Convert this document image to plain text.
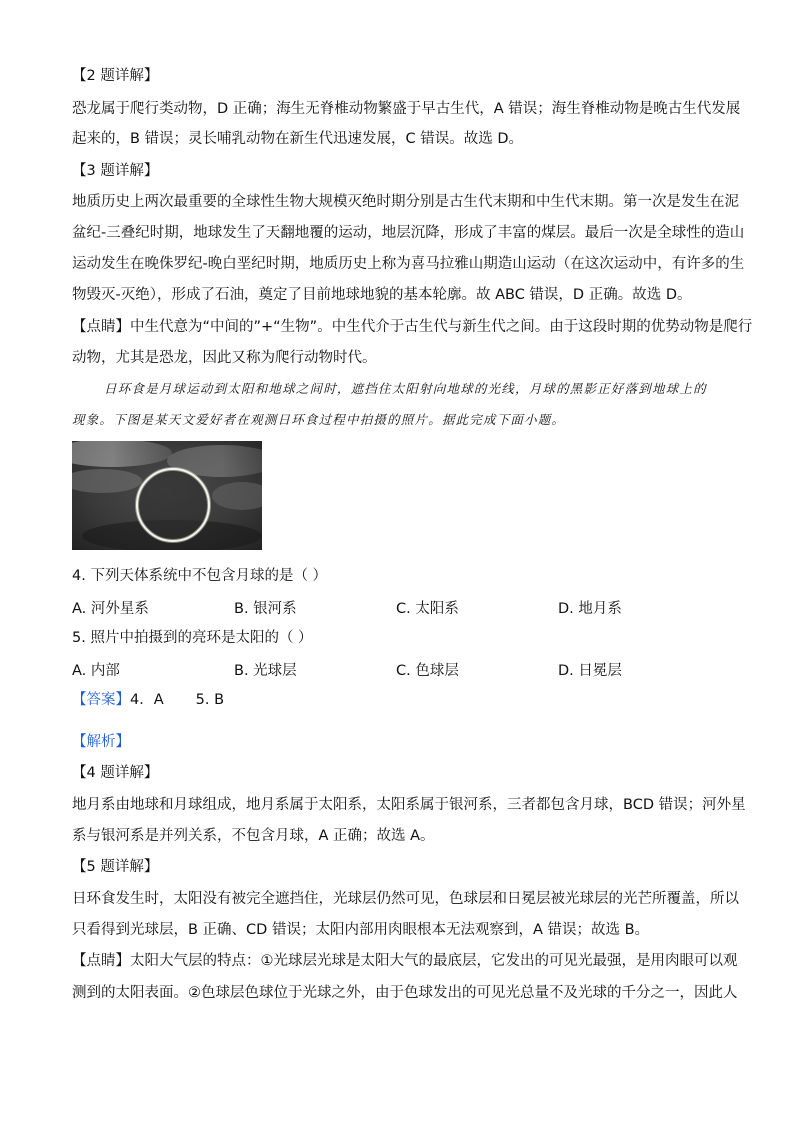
【2 题详解】
恐龙属于爬行类动物，D 正确；海生无脊椎动物繁盛于早古生代，A 错误；海生脊椎动物是晚古生代发展
起来的，B 错误；灵长哺乳动物在新生代迅速发展，C 错误。故选 D。
【3 题详解】
地质历史上两次最重要的全球性生物大规模灭绝时期分别是古生代末期和中生代末期。第一次是发生在泥
盆纪-三叠纪时期，地球发生了天翻地覆的运动，地层沉降，形成了丰富的煤层。最后一次是全球性的造山
运动发生在晚侏罗纪-晚白垩纪时期，地质历史上称为喜马拉雅山期造山运动（在这次运动中，有许多的生
物毁灭-灭绝），形成了石油，奠定了目前地球地貌的基本轮廓。故 ABC 错误，D 正确。故选 D。
【点睛】中生代意为“中间的”+“生物”。中生代介于古生代与新生代之间。由于这段时期的优势动物是爬行
动物，尤其是恐龙，因此又称为爬行动物时代。
日环食是月球运动到太阳和地球之间时，遮挡住太阳射向地球的光线，月球的黑影正好落到地球上的
现象。下图是某天文爱好者在观测日环食过程中拍摄的照片。据此完成下面小题。
4. 下列天体系统中不包含月球的是（ ）
A. 河外星系	B. 银河系	C. 太阳系	D. 地月系
5. 照片中拍摄到的亮环是太阳的（ ）
A. 内部	B. 光球层	C. 色球层	D. 日冕层
【答案】4．A 5. B
【解析】
【4 题详解】
地月系由地球和月球组成，地月系属于太阳系，太阳系属于银河系，三者都包含月球，BCD 错误；河外星
系与银河系是并列关系，不包含月球，A 正确；故选 A。
【5 题详解】
日环食发生时，太阳没有被完全遮挡住，光球层仍然可见，色球层和日冕层被光球层的光芒所覆盖，所以
只看得到光球层，B 正确、CD 错误；太阳内部用肉眼根本无法观察到，A 错误；故选 B。
【点睛】太阳大气层的特点：①光球层光球是太阳大气的最底层，它发出的可见光最强，是用肉眼可以观
测到的太阳表面。②色球层色球位于光球之外，由于色球发出的可见光总量不及光球的千分之一，因此人
